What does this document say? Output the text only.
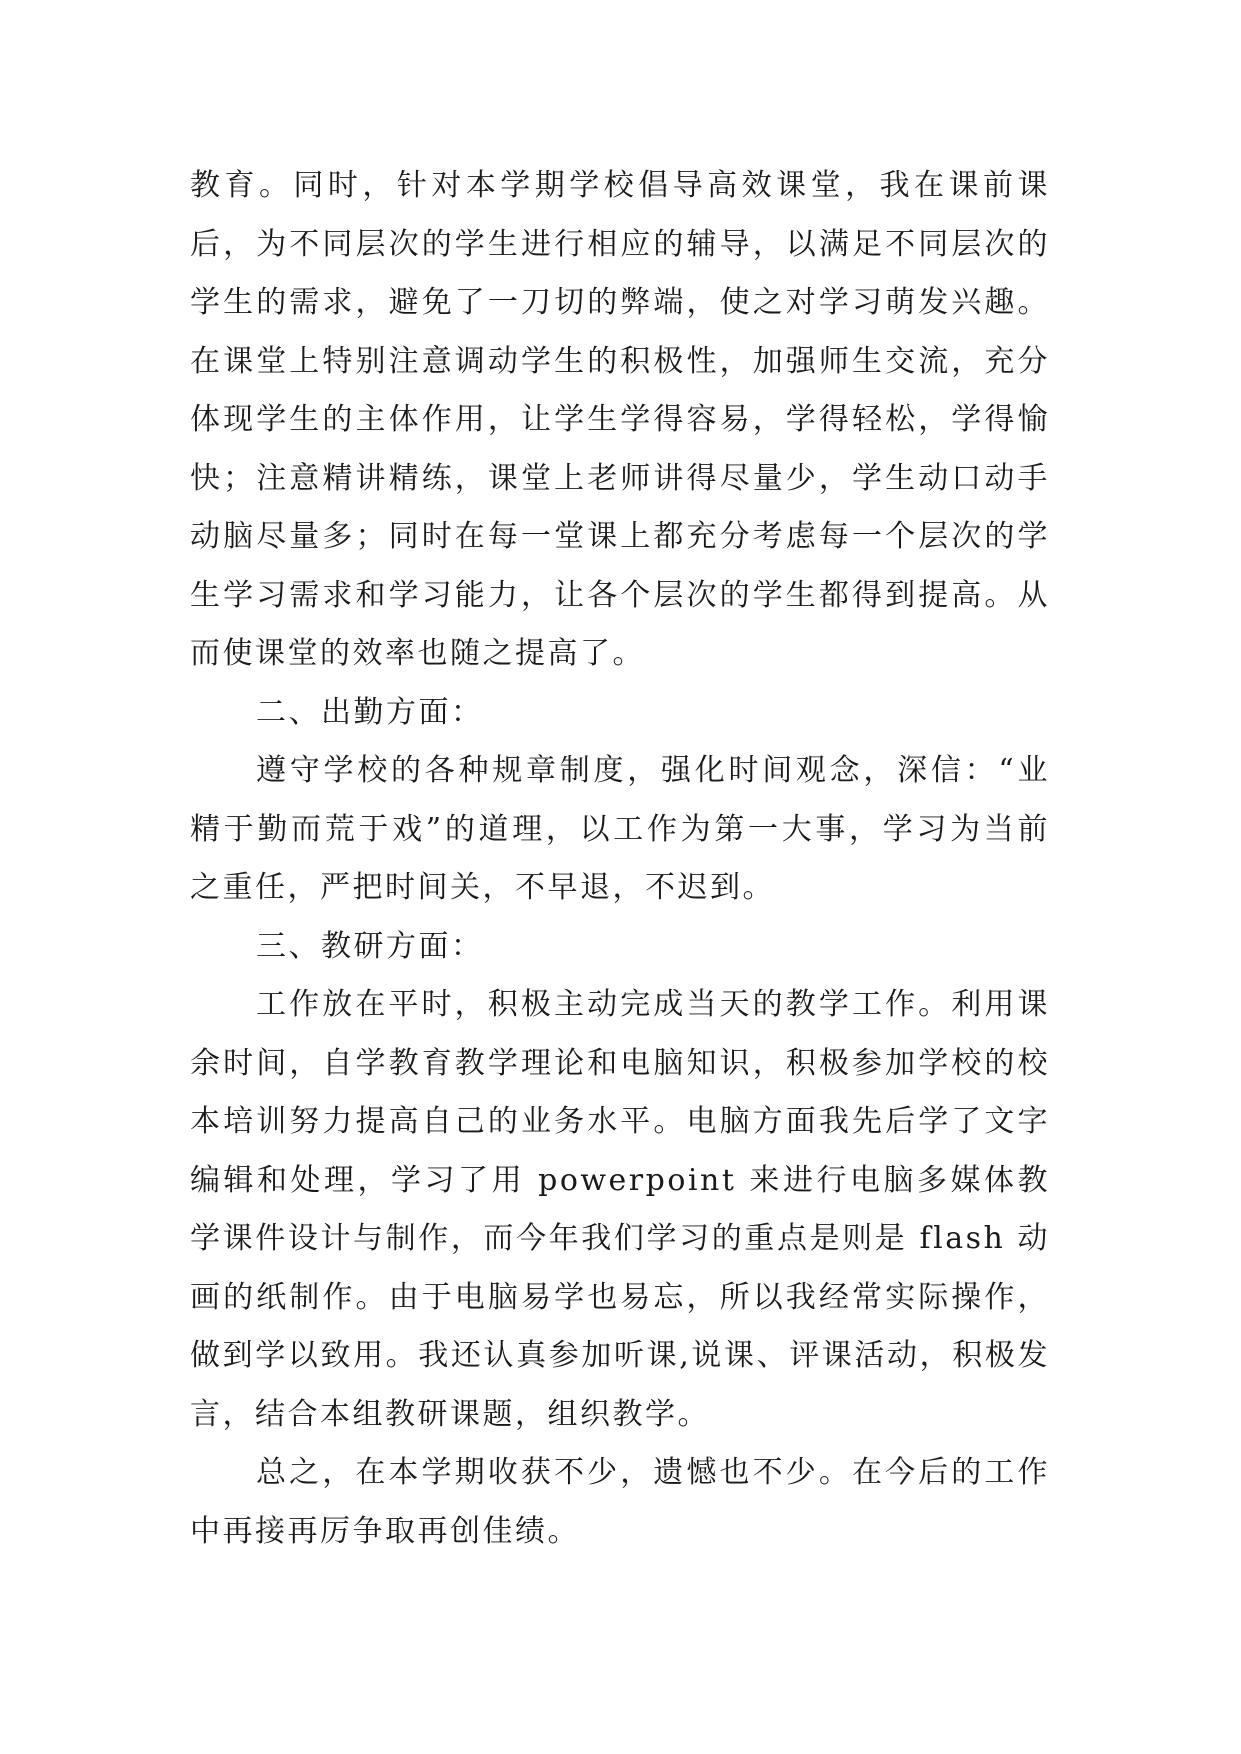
教育。同时，针对本学期学校倡导高效课堂，我在课前课后，为不同层次的学生进行相应的辅导，以满足不同层次的学生的需求，避免了一刀切的弊端，使之对学习萌发兴趣。在课堂上特别注意调动学生的积极性，加强师生交流，充分体现学生的主体作用，让学生学得容易，学得轻松，学得愉快；注意精讲精练，课堂上老师讲得尽量少，学生动口动手动脑尽量多；同时在每一堂课上都充分考虑每一个层次的学生学习需求和学习能力，让各个层次的学生都得到提高。从而使课堂的效率也随之提高了。

二、出勤方面：

遵守学校的各种规章制度，强化时间观念，深信：“业精于勤而荒于戏”的道理，以工作为第一大事，学习为当前之重任，严把时间关，不早退，不迟到。

三、教研方面：

工作放在平时，积极主动完成当天的教学工作。利用课余时间，自学教育教学理论和电脑知识，积极参加学校的校本培训努力提高自己的业务水平。电脑方面我先后学了文字编辑和处理，学习了用 powerpoint 来进行电脑多媒体教学课件设计与制作，而今年我们学习的重点是则是 flash 动画的纸制作。由于电脑易学也易忘，所以我经常实际操作，做到学以致用。我还认真参加听课,说课、评课活动，积极发言，结合本组教研课题，组织教学。

总之，在本学期收获不少，遗憾也不少。在今后的工作中再接再厉争取再创佳绩。
